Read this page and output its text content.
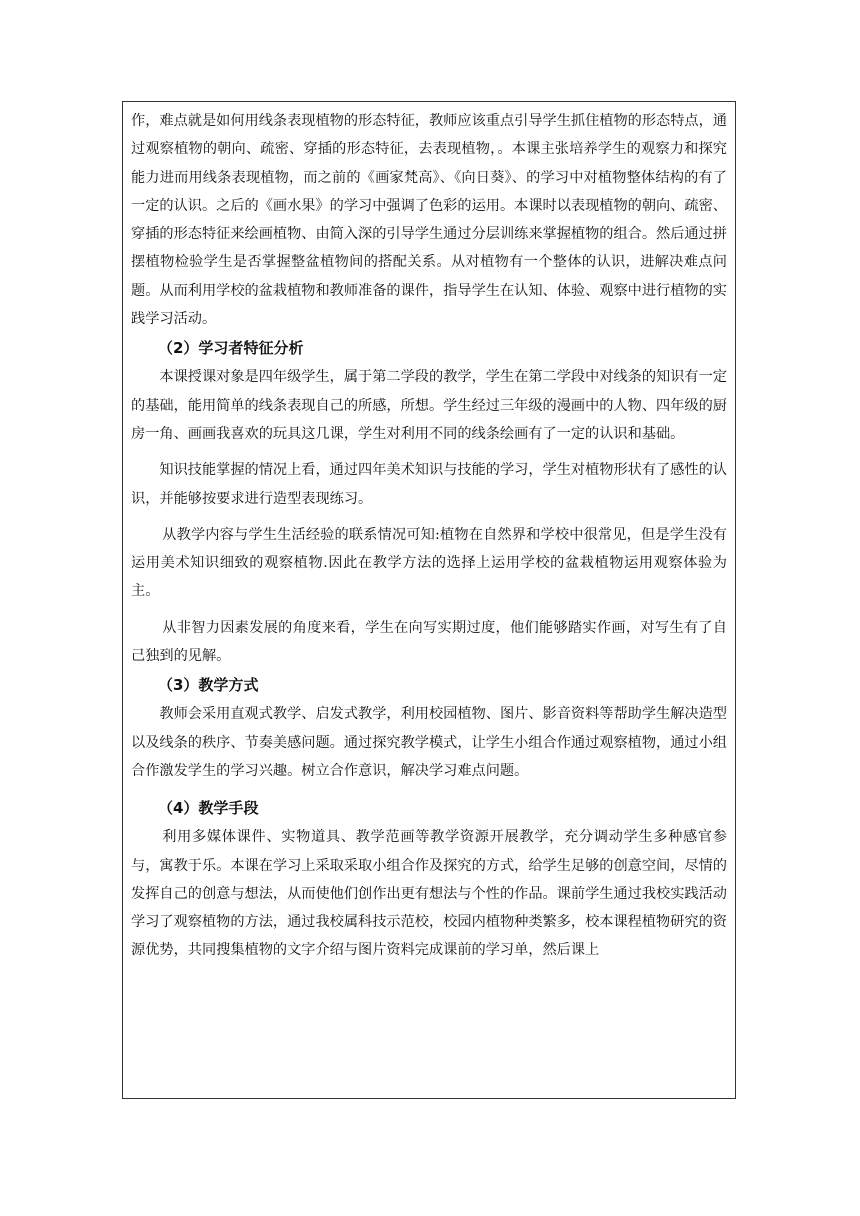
作，难点就是如何用线条表现植物的形态特征，教师应该重点引导学生抓住植物的形态特点，通过观察植物的朝向、疏密、穿插的形态特征，去表现植物，。本课主张培养学生的观察力和探究能力进而用线条表现植物，而之前的《画家梵高》、《向日葵》、的学习中对植物整体结构的有了一定的认识。之后的《画水果》的学习中强调了色彩的运用。本课时以表现植物的朝向、疏密、穿插的形态特征来绘画植物、由简入深的引导学生通过分层训练来掌握植物的组合。然后通过拼摆植物检验学生是否掌握整盆植物间的搭配关系。从对植物有一个整体的认识，进解决难点问题。从而利用学校的盆栽植物和教师准备的课件，指导学生在认知、体验、观察中进行植物的实践学习活动。

（2）学习者特征分析

本课授课对象是四年级学生，属于第二学段的教学，学生在第二学段中对线条的知识有一定的基础，能用简单的线条表现自己的所感，所想。学生经过三年级的漫画中的人物、四年级的厨房一角、画画我喜欢的玩具这几课，学生对利用不同的线条绘画有了一定的认识和基础。

知识技能掌握的情况上看，通过四年美术知识与技能的学习，学生对植物形状有了感性的认识，并能够按要求进行造型表现练习。

从教学内容与学生生活经验的联系情况可知:植物在自然界和学校中很常见，但是学生没有运用美术知识细致的观察植物.因此在教学方法的选择上运用学校的盆栽植物运用观察体验为主。

从非智力因素发展的角度来看，学生在向写实期过度，他们能够踏实作画，对写生有了自己独到的见解。

（3）教学方式

教师会采用直观式教学、启发式教学，利用校园植物、图片、影音资料等帮助学生解决造型以及线条的秩序、节奏美感问题。通过探究教学模式，让学生小组合作通过观察植物，通过小组合作激发学生的学习兴趣。树立合作意识，解决学习难点问题。

（4）教学手段

利用多媒体课件、实物道具、教学范画等教学资源开展教学，充分调动学生多种感官参与，寓教于乐。本课在学习上采取采取小组合作及探究的方式，给学生足够的创意空间，尽情的发挥自己的创意与想法，从而使他们创作出更有想法与个性的作品。课前学生通过我校实践活动学习了观察植物的方法，通过我校属科技示范校，校园内植物种类繁多，校本课程植物研究的资源优势，共同搜集植物的文字介绍与图片资料完成课前的学习单，然后课上
